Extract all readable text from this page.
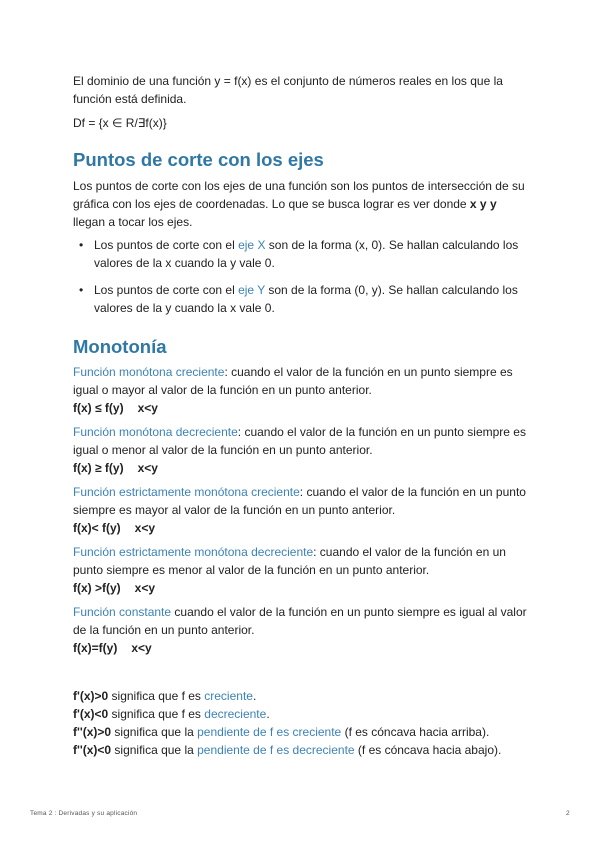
El dominio de una función y = f(x) es el conjunto de números reales en los que la función está definida.

Df = {x ∈ R/∃f(x)}

Puntos de corte con los ejes

Los puntos de corte con los ejes de una función son los puntos de intersección de su gráfica con los ejes de coordenadas. Lo que se busca lograr es ver donde x y y
llegan a tocar los ejes.

• Los puntos de corte con el eje X son de la forma (x, 0). Se hallan calculando los valores de la x cuando la y vale 0.
• Los puntos de corte con el eje Y son de la forma (0, y). Se hallan calculando los valores de la y cuando la x vale 0.
Monotonía

Función monótona creciente: cuando el valor de la función en un punto siempre es igual o mayor al valor de la función en un punto anterior.

f(x) ≤ f(y) x<y

Función monótona decreciente: cuando el valor de la función en un punto siempre es igual o menor al valor de la función en un punto anterior.

f(x) ≥ f(y) x<y

Función estrictamente monótona creciente: cuando el valor de la función en un punto siempre es mayor al valor de la función en un punto anterior.

f(x)< f(y) x<y

Función estrictamente monótona decreciente: cuando el valor de la función en un punto siempre es menor al valor de la función en un punto anterior.

f(x) >f(y) x<y

Función constante cuando el valor de la función en un punto siempre es igual al valor de la función en un punto anterior.

f(x)=f(y) x<y

f'(x)>0 significa que f es creciente.

f'(x)<0 significa que f es decreciente.

f''(x)>0 significa que la pendiente de f es creciente (f es cóncava hacia arriba).

f''(x)<0 significa que la pendiente de f es decreciente (f es cóncava hacia abajo).

Tema 2 : Derivadas y su aplicación	2
